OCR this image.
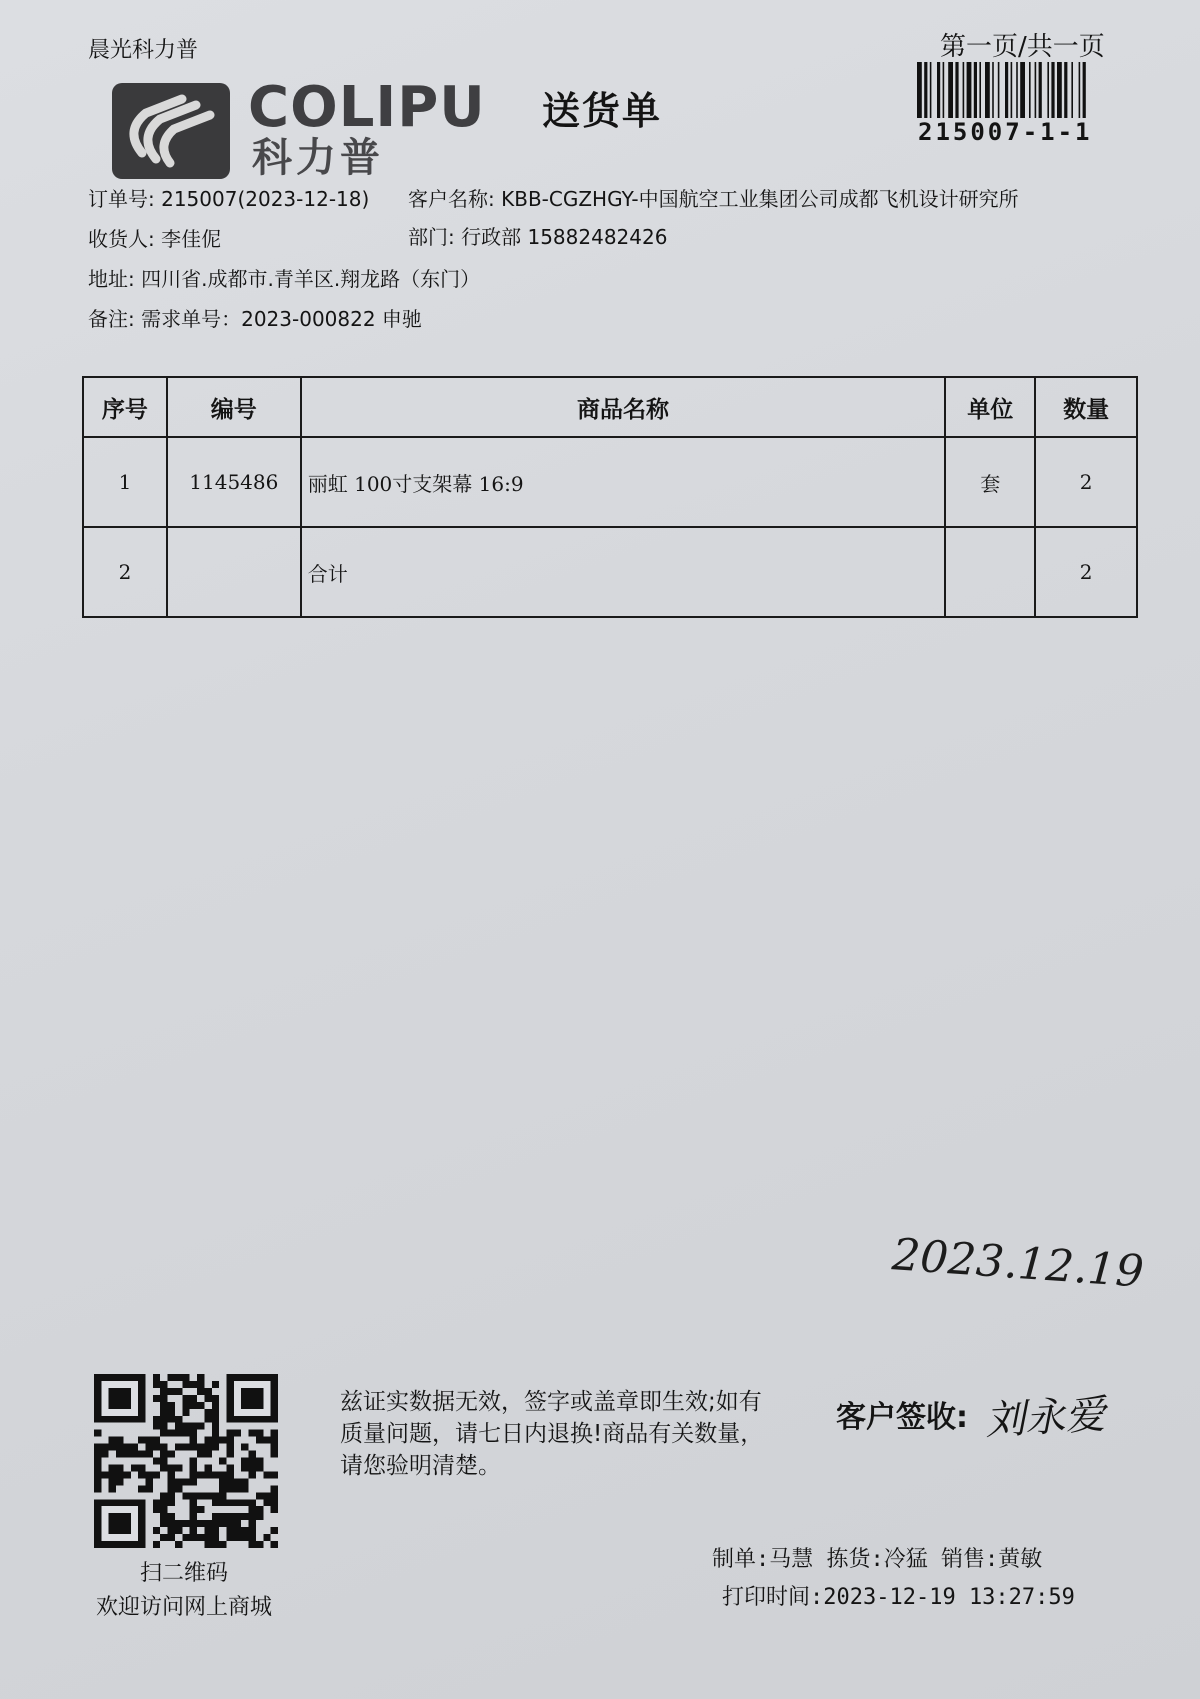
晨光科力普
COLIPU
科力普
送货单
第一页/共一页
215007-1-1
订单号: 215007(2023-12-18) 客户名称: KBB-CGZHGY-中国航空工业集团公司成都飞机设计研究所
收货人: 李佳伲	部门: 行政部 15882482426
地址: 四川省.成都市.青羊区.翔龙路（东门）
备注: 需求单号：2023-000822 申驰
序号	编号	商品名称	单位	数量
1	1145486	丽虹 100寸支架幕 16:9	套	2
2		合计		2
2023.12.19
扫二维码
欢迎访问网上商城
兹证实数据无效，签字或盖章即生效;如有质量问题，请七日内退换!商品有关数量，请您验明清楚。
客户签收: 刘永爱
制单:马慧 拣货:冷猛 销售:黄敏
打印时间:2023-12-19 13:27:59
